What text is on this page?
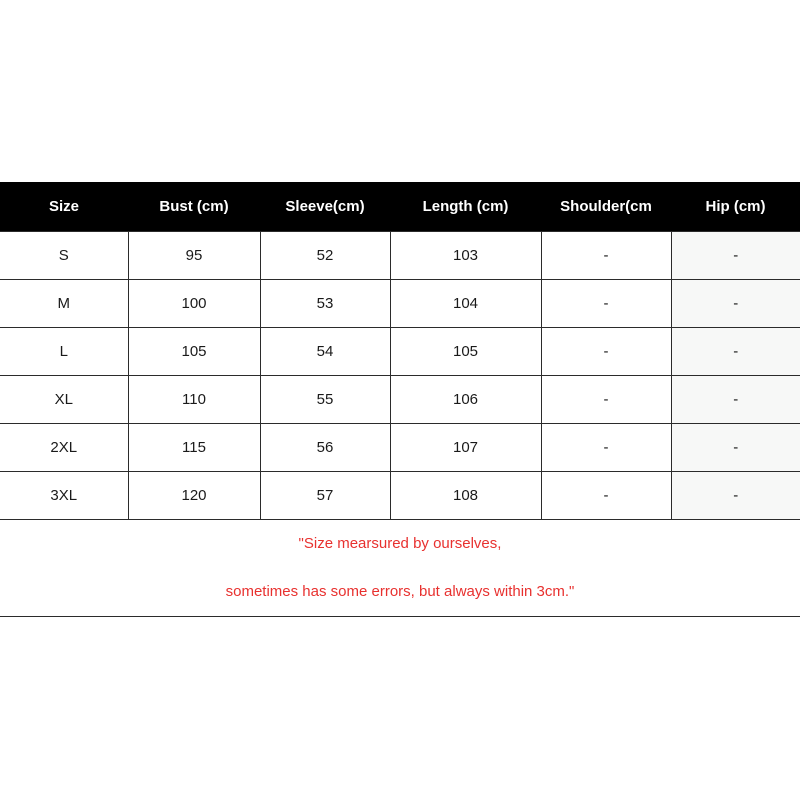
Size	Bust (cm)	Sleeve(cm)	Length (cm)	Shoulder(cm	Hip (cm)
S	95	52	103	-	-
M	100	53	104	-	-
L	105	54	105	-	-
XL	110	55	106	-	-
2XL	115	56	107	-	-
3XL	120	57	108	-	-

"Size mearsured by ourselves,
sometimes has some errors, but always within 3cm."					
